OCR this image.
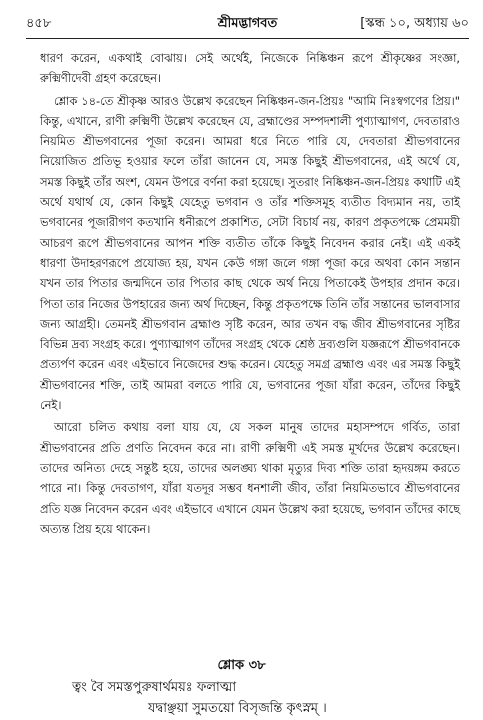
৪৫৮	শ্রীমদ্ভাগবত	[স্কন্ধ ১০, অধ্যায় ৬০

ধারণ করেন, একথাই বোঝায়। সেই অর্থেই, নিজেকে নিষ্কিঞ্চন রূপে শ্রীকৃষ্ণের সংজ্ঞা, রুক্মিণীদেবী গ্রহণ করেছেন।

শ্লোক ১৪-তে শ্রীকৃষ্ণ আরও উল্লেখ করেছেন নিষ্কিঞ্চন-জন-প্রিয়ঃ "আমি নিঃস্বগণের প্রিয়।" কিন্তু, এখানে, রাণী রুক্মিণী উল্লেখ করেছেন যে, ব্রহ্মাণ্ডের সম্পদশালী পুণ্যাত্মাগণ, দেবতারাও নিয়মিত শ্রীভগবানের পূজা করেন। আমরা ধরে নিতে পারি যে, দেবতারা শ্রীভগবানের নিয়োজিত প্রতিভূ হওয়ার ফলে তাঁরা জানেন যে, সমস্ত কিছুই শ্রীভগবানের, এই অর্থে যে, সমস্ত কিছুই তাঁর অংশ, যেমন উপরে বর্ণনা করা হয়েছে। সুতরাং নিষ্কিঞ্চন-জন-প্রিয়ঃ কথাটি এই অর্থে যথার্থ যে, কোন কিছুই যেহেতু ভগবান ও তাঁর শক্তিসমূহ ব্যতীত বিদ্যমান নয়, তাই ভগবানের পূজারীগণ কতখানি ধনীরূপে প্রকাশিত, সেটা বিচার্য নয়, কারণ প্রকৃতপক্ষে প্রেমময়ী আচরণ রূপে শ্রীভগবানের আপন শক্তি ব্যতীত তাঁকে কিছুই নিবেদন করার নেই। এই একই ধারণা উদাহরণরূপে প্রযোজ্য হয়, যখন কেউ গঙ্গা জলে গঙ্গা পূজা করে অথবা কোন সন্তান যখন তার পিতার জন্মদিনে তার পিতার কাছ থেকে অর্থ নিয়ে পিতাকেই উপহার প্রদান করে। পিতা তার নিজের উপহারের জন্য অর্থ দিচ্ছেন, কিন্তু প্রকৃতপক্ষে তিনি তাঁর সন্তানের ভালবাসার জন্য আগ্রহী। তেমনই শ্রীভগবান ব্রহ্মাণ্ড সৃষ্টি করেন, আর তখন বদ্ধ জীব শ্রীভগবানের সৃষ্টির বিভিন্ন দ্রব্য সংগ্রহ করে। পুণ্যাত্মাগণ তাঁদের সংগ্রহ থেকে শ্রেষ্ঠ দ্রব্যগুলি যজ্ঞরূপে শ্রীভগবানকে প্রত্যর্পণ করেন এবং এইভাবে নিজেদের শুদ্ধ করেন। যেহেতু সমগ্র ব্রহ্মাণ্ড এবং এর সমস্ত কিছুই শ্রীভগবানের শক্তি, তাই আমরা বলতে পারি যে, ভগবানের পূজা যাঁরা করেন, তাঁদের কিছুই নেই।

আরো চলিত কথায় বলা যায় যে, যে সকল মানুষ তাদের মহাসম্পদে গর্বিত, তারা শ্রীভগবানের প্রতি প্রণতি নিবেদন করে না। রাণী রুক্মিণী এই সমস্ত মূর্খদের উল্লেখ করেছেন। তাদের অনিত্য দেহে সন্তুষ্ট হয়ে, তাদের অলঙ্ঘ্য থাকা মৃত্যুর দিব্য শক্তি তারা হৃদয়ঙ্গম করতে পারে না। কিন্তু দেবতাগণ, যাঁরা যতদূর সম্ভব ধনশালী জীব, তাঁরা নিয়মিতভাবে শ্রীভগবানের প্রতি যজ্ঞ নিবেদন করেন এবং এইভাবে এখানে যেমন উল্লেখ করা হয়েছে, ভগবান তাঁদের কাছে অত্যন্ত প্রিয় হয়ে থাকেন।

শ্লোক ৩৮
ত্বং বৈ সমস্তপুরুষার্থময়ঃ ফলাত্মা
যদ্বাঞ্ছয়া সুমতয়ো বিসৃজন্তি কৃৎস্নম্ ।
